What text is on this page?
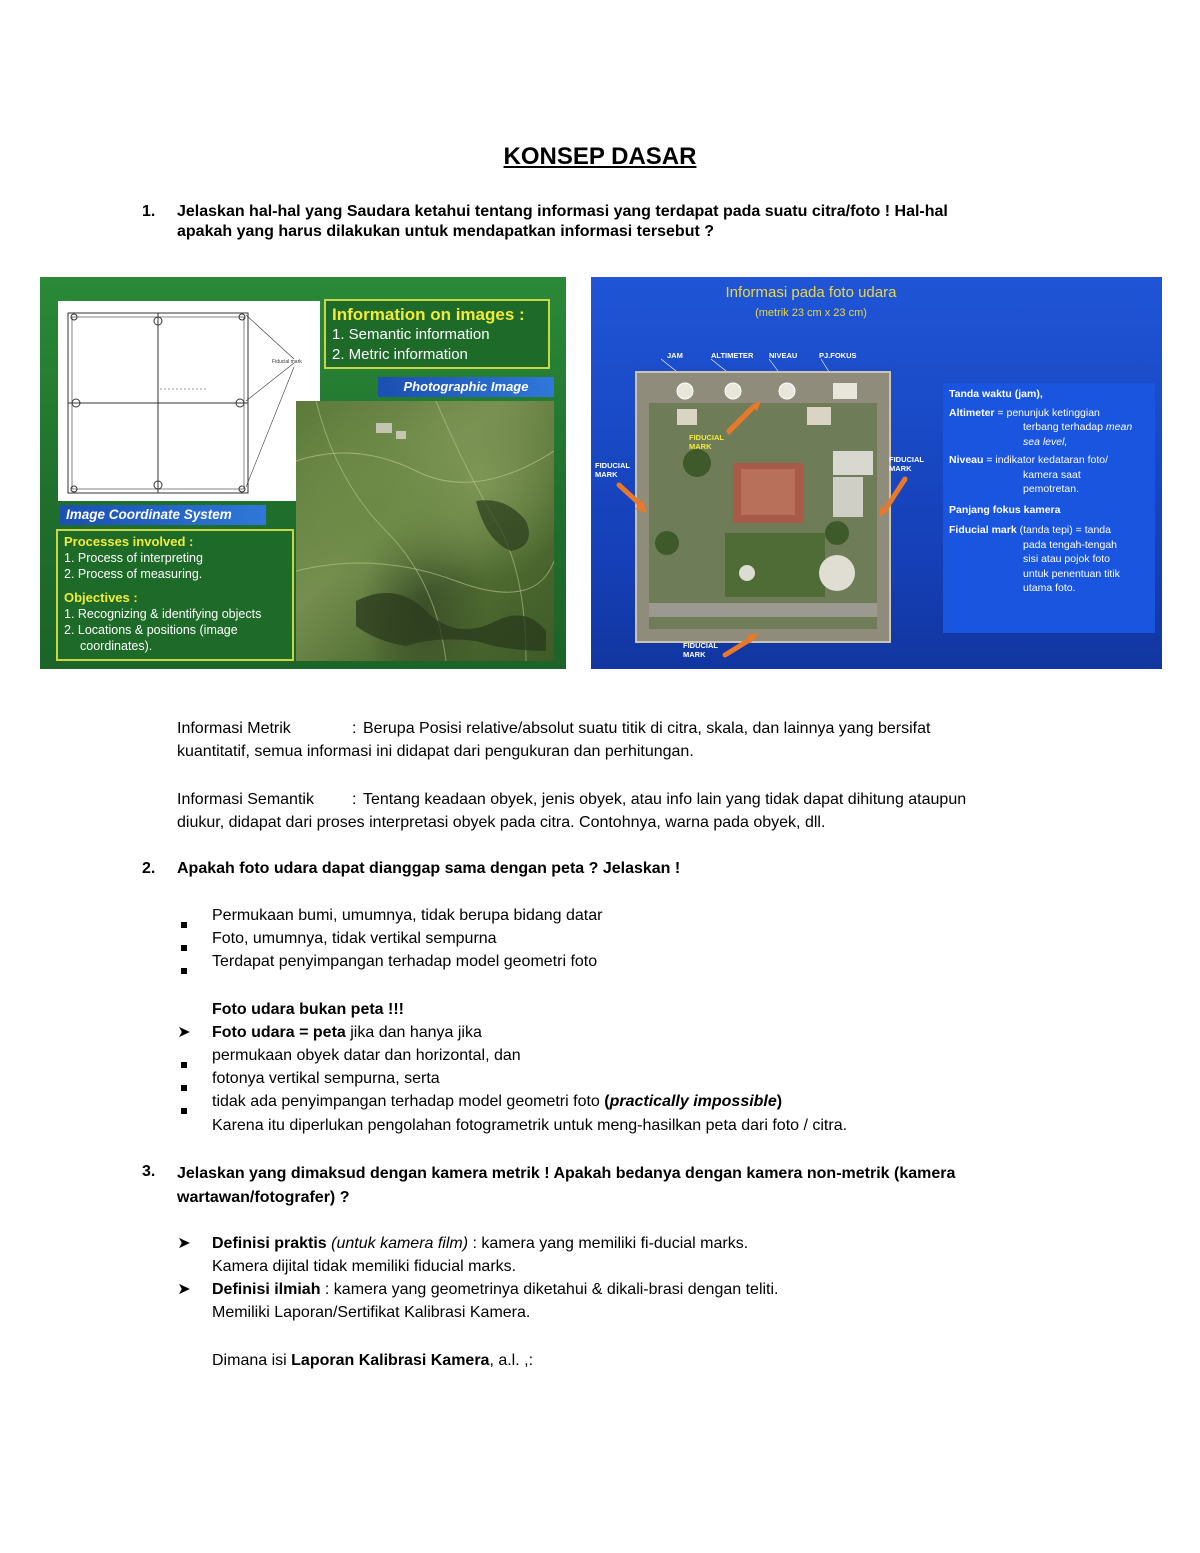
KONSEP DASAR
1. Jelaskan hal-hal yang Saudara ketahui tentang informasi yang terdapat pada suatu citra/foto ! Hal-hal
apakah yang harus dilakukan untuk mendapatkan informasi tersebut ?
Fiducial mark
Information on images :
1. Semantic information
2. Metric information
Photographic Image
Image Coordinate System
Processes involved :
1. Process of interpreting
2. Process of measuring.
Objectives :
1. Recognizing & identifying objects
2. Locations & positions (image
coordinates).
Informasi pada foto udara
(metrik 23 cm x 23 cm)
JAM	ALTIMETER NIVEAU	PJ.FOKUS
FIDUCIAL MARK
FIDUCIAL MARK
FIDUCIAL MARK
FIDUCIAL MARK
Tanda waktu (jam),
Altimeter = penunjuk ketinggian
terbang terhadap mean
sea level,
Niveau = indikator kedataran foto/
kamera saat
pemotretan.
Panjang fokus kamera
Fiducial mark (tanda tepi) = tanda
pada tengah-tengah
sisi atau pojok foto
untuk penentuan titik
utama foto.
Informasi Metrik	: Berupa Posisi relative/absolut suatu titik di citra, skala, dan lainnya yang bersifat
kuantitatif, semua informasi ini didapat dari pengukuran dan perhitungan.
Informasi Semantik : Tentang keadaan obyek, jenis obyek, atau info lain yang tidak dapat dihitung ataupun
diukur, didapat dari proses interpretasi obyek pada citra. Contohnya, warna pada obyek, dll.
2. Apakah foto udara dapat dianggap sama dengan peta ? Jelaskan !
Permukaan bumi, umumnya, tidak berupa bidang datar
Foto, umumnya, tidak vertikal sempurna
Terdapat penyimpangan terhadap model geometri foto
Foto udara bukan peta !!!
➤ Foto udara = peta jika dan hanya jika
permukaan obyek datar dan horizontal, dan
fotonya vertikal sempurna, serta
tidak ada penyimpangan terhadap model geometri foto (practically impossible)
Karena itu diperlukan pengolahan fotogrametrik untuk meng-hasilkan peta dari foto / citra.
3. Jelaskan yang dimaksud dengan kamera metrik ! Apakah bedanya dengan kamera non-metrik (kamera
wartawan/fotografer) ?
➤ Definisi praktis (untuk kamera film) : kamera yang memiliki fi-ducial marks.
Kamera dijital tidak memiliki fiducial marks.
➤ Definisi ilmiah : kamera yang geometrinya diketahui & dikali-brasi dengan teliti.
Memiliki Laporan/Sertifikat Kalibrasi Kamera.
Dimana isi Laporan Kalibrasi Kamera, a.l. ,:
